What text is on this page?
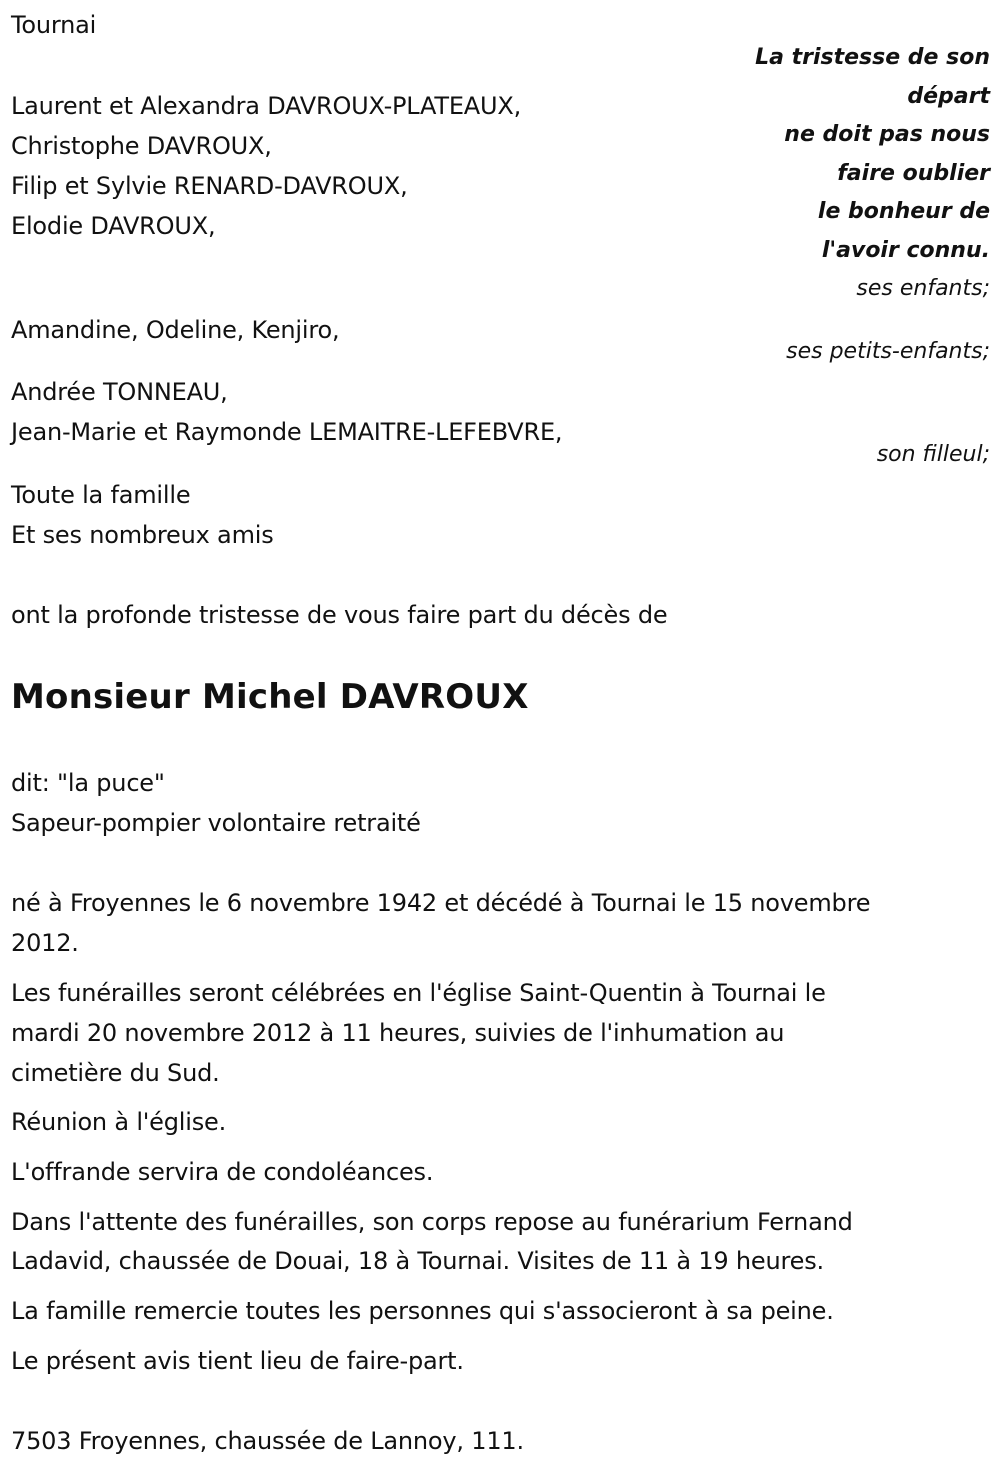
Tournai
La tristesse de son
départ
ne doit pas nous
faire oublier
le bonheur de
l'avoir connu.
Laurent et Alexandra DAVROUX-PLATEAUX,
Christophe DAVROUX,
Filip et Sylvie RENARD-DAVROUX,
Elodie DAVROUX,
ses enfants;
Amandine, Odeline, Kenjiro,
ses petits-enfants;
Andrée TONNEAU,
Jean-Marie et Raymonde LEMAITRE-LEFEBVRE,
son filleul;
Toute la famille
Et ses nombreux amis
ont la profonde tristesse de vous faire part du décès de
Monsieur Michel DAVROUX
dit: "la puce"
Sapeur-pompier volontaire retraité
né à Froyennes le 6 novembre 1942 et décédé à Tournai le 15 novembre
2012.
Les funérailles seront célébrées en l'église Saint-Quentin à Tournai le
mardi 20 novembre 2012 à 11 heures, suivies de l'inhumation au
cimetière du Sud.
Réunion à l'église.
L'offrande servira de condoléances.
Dans l'attente des funérailles, son corps repose au funérarium Fernand
Ladavid, chaussée de Douai, 18 à Tournai. Visites de 11 à 19 heures.
La famille remercie toutes les personnes qui s'associeront à sa peine.
Le présent avis tient lieu de faire-part.
7503 Froyennes, chaussée de Lannoy, 111.
